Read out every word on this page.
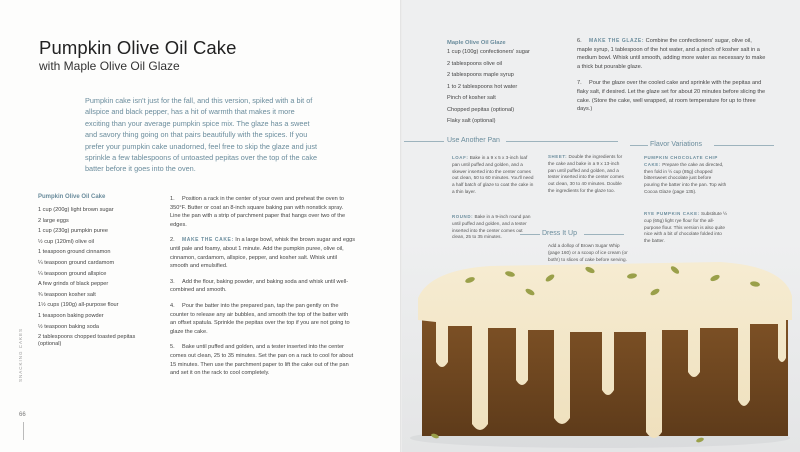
Pumpkin Olive Oil Cake
with Maple Olive Oil Glaze

Pumpkin cake isn't just for the fall, and this version, spiked with a bit of allspice and black pepper, has a hit of warmth that makes it more exciting than your average pumpkin spice mix. The glaze has a sweet and savory thing going on that pairs beautifully with the spices. If you prefer your pumpkin cake unadorned, feel free to skip the glaze and just sprinkle a few tablespoons of untoasted pepitas over the top of the cake batter before it goes into the oven.

Pumpkin Olive Oil Cake
1 cup (200g) light brown sugar
2 large eggs
1 cup (230g) pumpkin puree
½ cup (120ml) olive oil
1 teaspoon ground cinnamon
¼ teaspoon ground cardamom
¼ teaspoon ground allspice
A few grinds of black pepper
¾ teaspoon kosher salt
1½ cups (190g) all-purpose flour
1 teaspoon baking powder
½ teaspoon baking soda
2 tablespoons chopped toasted pepitas (optional)
1. Position a rack in the center of your oven and preheat the oven to 350°F. Butter or coat an 8-inch square baking pan with nonstick spray. Line the pan with a strip of parchment paper that hangs over two of the edges.
2. MAKE THE CAKE: In a large bowl, whisk the brown sugar and eggs until pale and foamy, about 1 minute. Add the pumpkin puree, olive oil, cinnamon, cardamom, allspice, pepper, and kosher salt. Whisk until smooth and emulsified.
3. Add the flour, baking powder, and baking soda and whisk until well-combined and smooth.
4. Pour the batter into the prepared pan, tap the pan gently on the counter to release any air bubbles, and smooth the top of the batter with an offset spatula. Sprinkle the pepitas over the top if you are not going to glaze the cake.
5. Bake until puffed and golden, and a tester inserted into the center comes out clean, 25 to 35 minutes. Set the pan on a rack to cool for about 15 minutes. Then use the parchment paper to lift the cake out of the pan and set it on the rack to cool completely.
SNACKING CAKES
66
Maple Olive Oil Glaze
1 cup (100g) confectioners' sugar
2 tablespoons olive oil
2 tablespoons maple syrup
1 to 2 tablespoons hot water
Pinch of kosher salt
Chopped pepitas (optional)
Flaky salt (optional)
6. MAKE THE GLAZE: Combine the confectioners' sugar, olive oil, maple syrup, 1 tablespoon of the hot water, and a pinch of kosher salt in a medium bowl. Whisk until smooth, adding more water as necessary to make a thick but pourable glaze.
7. Pour the glaze over the cooled cake and sprinkle with the pepitas and flaky salt, if desired. Let the glaze set for about 20 minutes before slicing the cake. (Store the cake, well wrapped, at room temperature for up to three days.)
Use Another Pan
LOAF: Bake in a 9 x 5 x 3-inch loaf pan until puffed and golden, and a skewer inserted into the center comes out clean, 50 to 60 minutes. You'll need a half batch of glaze to coat the cake in a thin layer.
ROUND: Bake in a 9-inch round pan until puffed and golden, and a tester inserted into the center comes out clean, 25 to 35 minutes.
SHEET: Double the ingredients for the cake and bake in a 9 x 13-inch pan until puffed and golden, and a tester inserted into the center comes out clean, 30 to 40 minutes. Double the ingredients for the glaze too.
Dress It Up
Add a dollop of Brown Sugar Whip (page 160) or a scoop of ice cream (or both!) to slices of cake before serving.
Flavor Variations
PUMPKIN CHOCOLATE CHIP CAKE: Prepare the cake as directed, then fold in ½ cup (85g) chopped bittersweet chocolate just before pouring the batter into the pan. Top with Cocoa Glaze (page 135).
RYE PUMPKIN CAKE: Substitute ½ cup (65g) light rye flour for the all-purpose flour. This version is also quite nice with a bit of chocolate folded into the batter.
